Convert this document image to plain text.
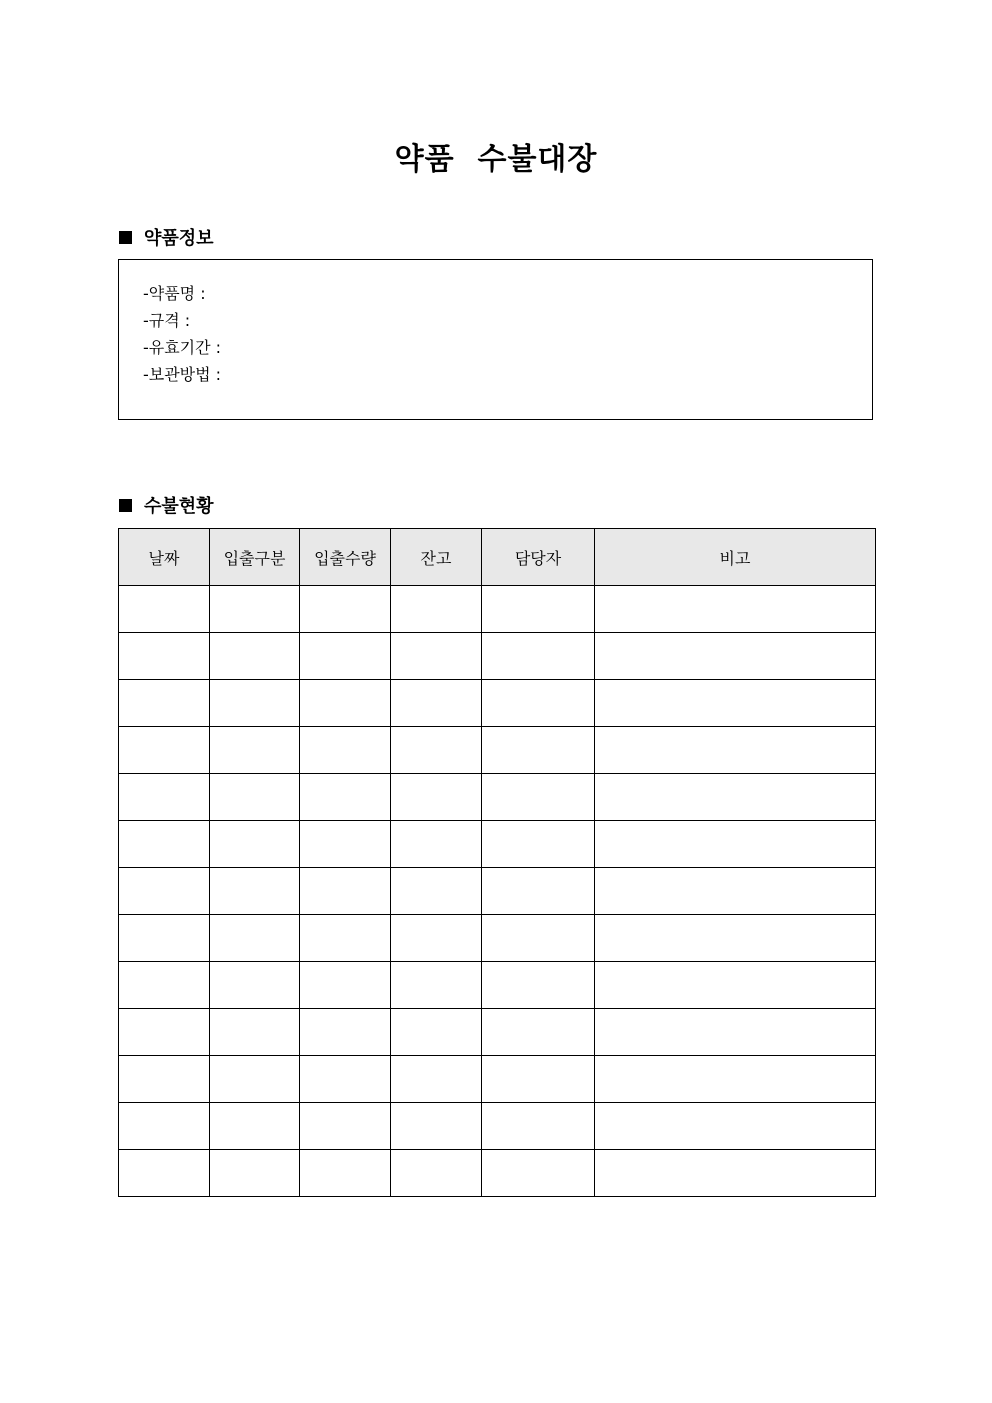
약품  수불대장
약품정보
-약품명 :
-규격 :
-유효기간 :
-보관방법 :
수불현황
날짜	입출구분	입출수량	잔고	담당자	비고
